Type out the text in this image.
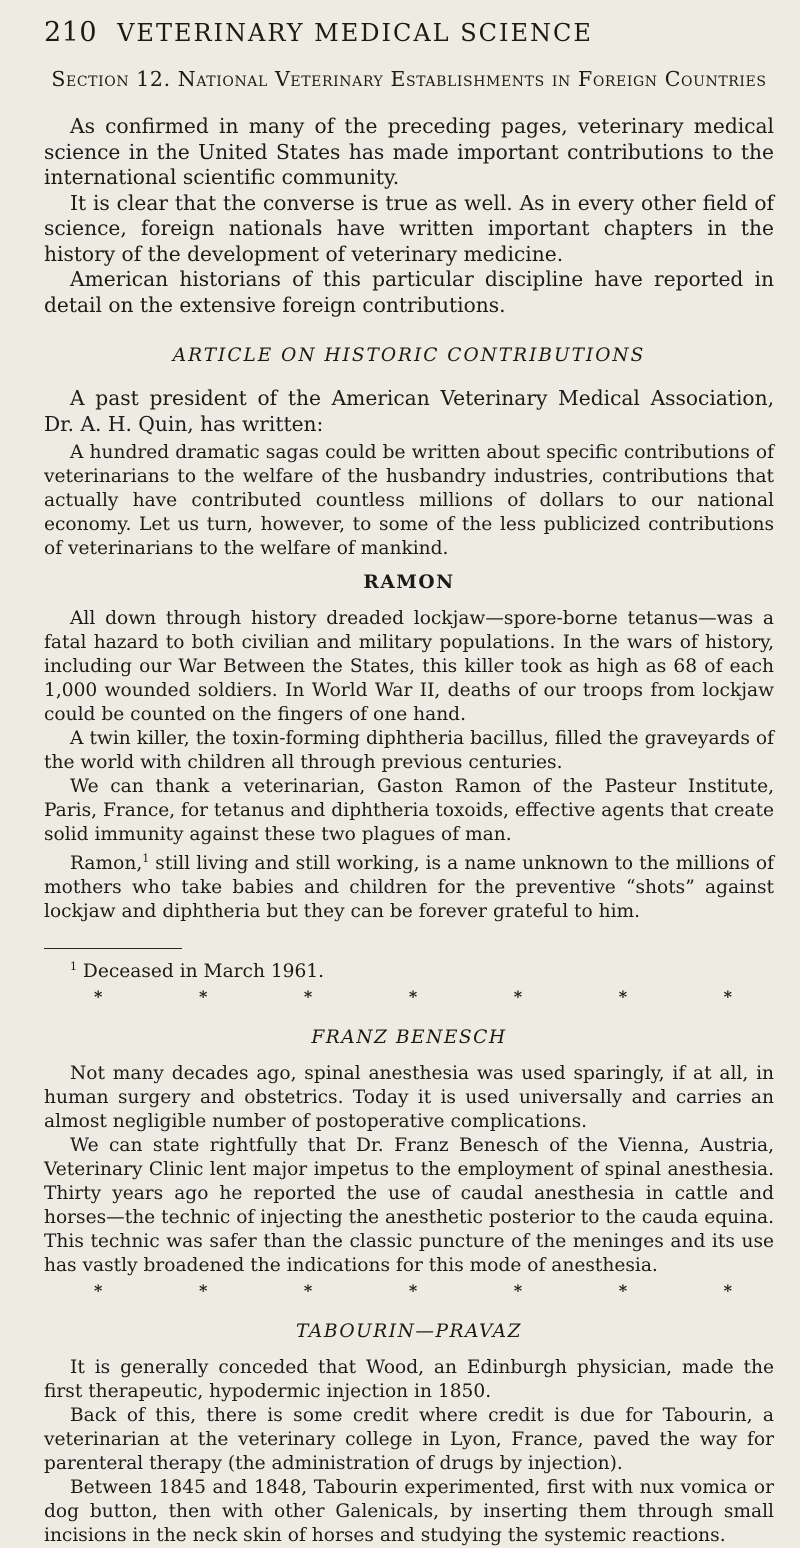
210 VETERINARY MEDICAL SCIENCE
Section 12. National Veterinary Establishments in Foreign Countries

As confirmed in many of the preceding pages, veterinary medical science in the United States has made important contributions to the international scientific community.

It is clear that the converse is true as well. As in every other field of science, foreign nationals have written important chapters in the history of the development of veterinary medicine.

American historians of this particular discipline have reported in detail on the extensive foreign contributions.

ARTICLE ON HISTORIC CONTRIBUTIONS

A past president of the American Veterinary Medical Association, Dr. A. H. Quin, has written:

A hundred dramatic sagas could be written about specific contributions of veterinarians to the welfare of the husbandry industries, contributions that actually have contributed countless millions of dollars to our national economy. Let us turn, however, to some of the less publicized contributions of veterinarians to the welfare of mankind.

RAMON

All down through history dreaded lockjaw—spore-borne tetanus—was a fatal hazard to both civilian and military populations. In the wars of history, including our War Between the States, this killer took as high as 68 of each 1,000 wounded soldiers. In World War II, deaths of our troops from lockjaw could be counted on the fingers of one hand.

A twin killer, the toxin-forming diphtheria bacillus, filled the graveyards of the world with children all through previous centuries.

We can thank a veterinarian, Gaston Ramon of the Pasteur Institute, Paris, France, for tetanus and diphtheria toxoids, effective agents that create solid immunity against these two plagues of man.

Ramon,$^1$ still living and still working, is a name unknown to the millions of mothers who take babies and children for the preventive “shots” against lockjaw and diphtheria but they can be forever grateful to him.

$^1$ Deceased in March 1961.

*	*	*	*	*	*	*

FRANZ BENESCH

Not many decades ago, spinal anesthesia was used sparingly, if at all, in human surgery and obstetrics. Today it is used universally and carries an almost negligible number of postoperative complications.

We can state rightfully that Dr. Franz Benesch of the Vienna, Austria, Veterinary Clinic lent major impetus to the employment of spinal anesthesia. Thirty years ago he reported the use of caudal anesthesia in cattle and horses—the technic of injecting the anesthetic posterior to the cauda equina. This technic was safer than the classic puncture of the meninges and its use has vastly broadened the indications for this mode of anesthesia.

*	*	*	*	*	*	*

TABOURIN—PRAVAZ

It is generally conceded that Wood, an Edinburgh physician, made the first therapeutic, hypodermic injection in 1850.

Back of this, there is some credit where credit is due for Tabourin, a veterinarian at the veterinary college in Lyon, France, paved the way for parenteral therapy (the administration of drugs by injection).

Between 1845 and 1848, Tabourin experimented, first with nux vomica or dog button, then with other Galenicals, by inserting them through small incisions in the neck skin of horses and studying the systemic reactions.
